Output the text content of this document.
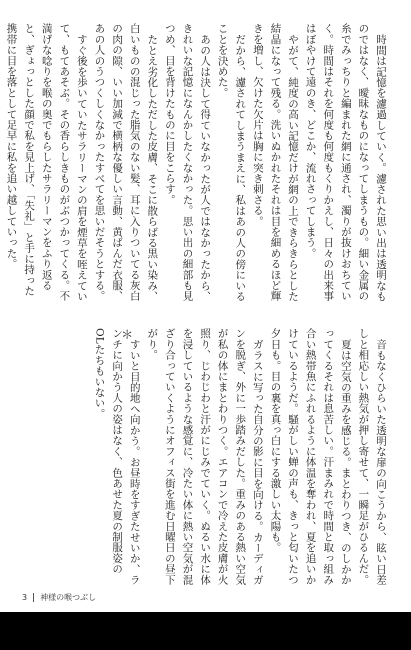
時間は記憶を濾過していく。濾された思い出は透明なものではなく、曖昧なものになってしまうもの。細い金属の糸でみっちりと編まれた網に通され、濁りが抜けおちていく。時間はそれを何度も何度もくりかえし、日々の出来事はぼやけて遠のき、どこか、流れさってしまう。

やがて、純度の高い記憶だけが網の上できらきらとした結晶になって残る。洗いぬかれたそれは目を細めるほど輝きを増し、欠けた欠片は胸に突き刺さる。

だから、濾されてしまうまえに、私はあの人の傍にいることを決めた。

あの人は決して得ていなかったが人ではなかったから、きれいな記憶になんかしたくなかった。思い出の細部も見つめ、目を背けたものに目をこらす。

たとえ劣化しただした皮膚、そこに散らばる黒い染み、白いものの混じった脂気のない髪、耳に入りついてる灰白の肉の隙、いい加減で横柄な優しい言動、黄ばんだ衣服、あの人のうつくしくなかったすべてを思いだそうとする。

すぐ後を歩いていたサラリーマンの肩を煙草を咥えていて、もてあそぶ。その香らしきものがぶつかってくる。不満げな唸りを喉の奥でもらしたサラリーマンをふり返ると、ぎょっとした顔で私を見上げ、「失礼」と手に持った携帯に目を落として足早に私を追い越していった。

音もなくひらいた透明な扉の向こうから、眩い日差しと相応しい熱気が押し寄せて、一瞬足がひるんだ。

夏は空気の重みを感じる。まとわりつき、のしかかってくるそれは息苦しい。汗まみれで時間と取っ組み合い熱帯魚にふれるように体温を奪われ、夏を追いかけているようだ。騒がしい蝉の声も、きっと匂いたつ夕日も。目の裏を真っ白にする激しい太陽も。

ガラスに写った自分の影に目を向ける。カーディガンを脱ぎ、外に一歩踏みだした。重みのある熱い空気が私の体にまとわりつく。エアコンで冷えた皮膚が火照り、じわじわと汗がにじみでていく。ぬるい水に体を浸しているような感覚に、冷たい体に熱い空気が混ざり合っていくようにオフィス街を進む日曜日の昼下がり。

すいと目的地へ向かう。お昼時をすぎたせいか、ランチに向かう人の姿はなく、色あせた夏の制服姿のOLたちもいない。	＊
3 神様の喉つぶし
